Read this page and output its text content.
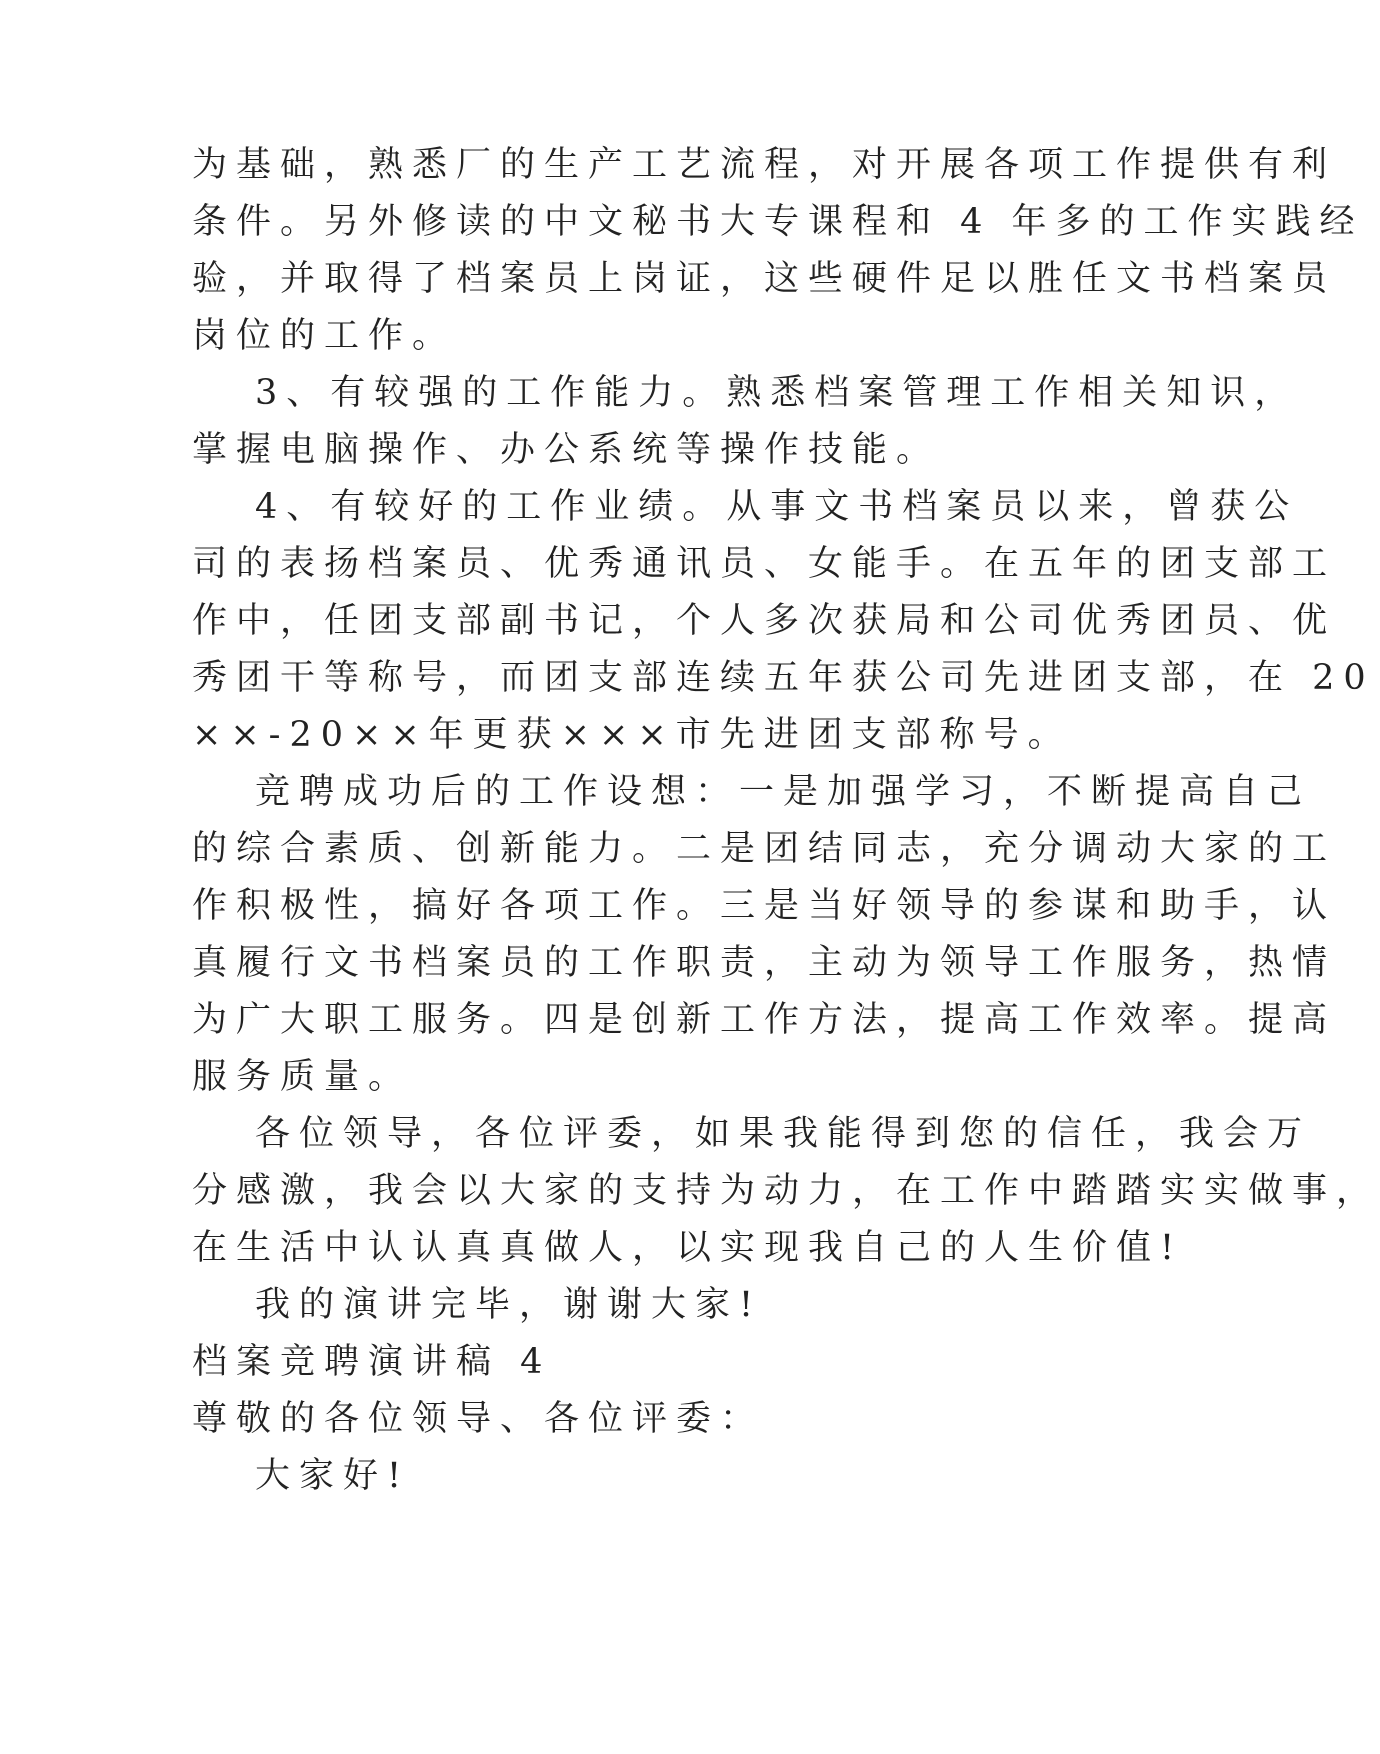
为基础，熟悉厂的生产工艺流程，对开展各项工作提供有利
条件。另外修读的中文秘书大专课程和 4 年多的工作实践经
验，并取得了档案员上岗证，这些硬件足以胜任文书档案员
岗位的工作。
3、有较强的工作能力。熟悉档案管理工作相关知识，
掌握电脑操作、办公系统等操作技能。
4、有较好的工作业绩。从事文书档案员以来，曾获公
司的表扬档案员、优秀通讯员、女能手。在五年的团支部工
作中，任团支部副书记，个人多次获局和公司优秀团员、优
秀团干等称号，而团支部连续五年获公司先进团支部，在 20
××-20××年更获×××市先进团支部称号。
竞聘成功后的工作设想：一是加强学习，不断提高自己
的综合素质、创新能力。二是团结同志，充分调动大家的工
作积极性，搞好各项工作。三是当好领导的参谋和助手，认
真履行文书档案员的工作职责，主动为领导工作服务，热情
为广大职工服务。四是创新工作方法，提高工作效率。提高
服务质量。
各位领导，各位评委，如果我能得到您的信任，我会万
分感激，我会以大家的支持为动力，在工作中踏踏实实做事，
在生活中认认真真做人，以实现我自己的人生价值!
我的演讲完毕，谢谢大家!
档案竞聘演讲稿 4
尊敬的各位领导、各位评委：
大家好!
